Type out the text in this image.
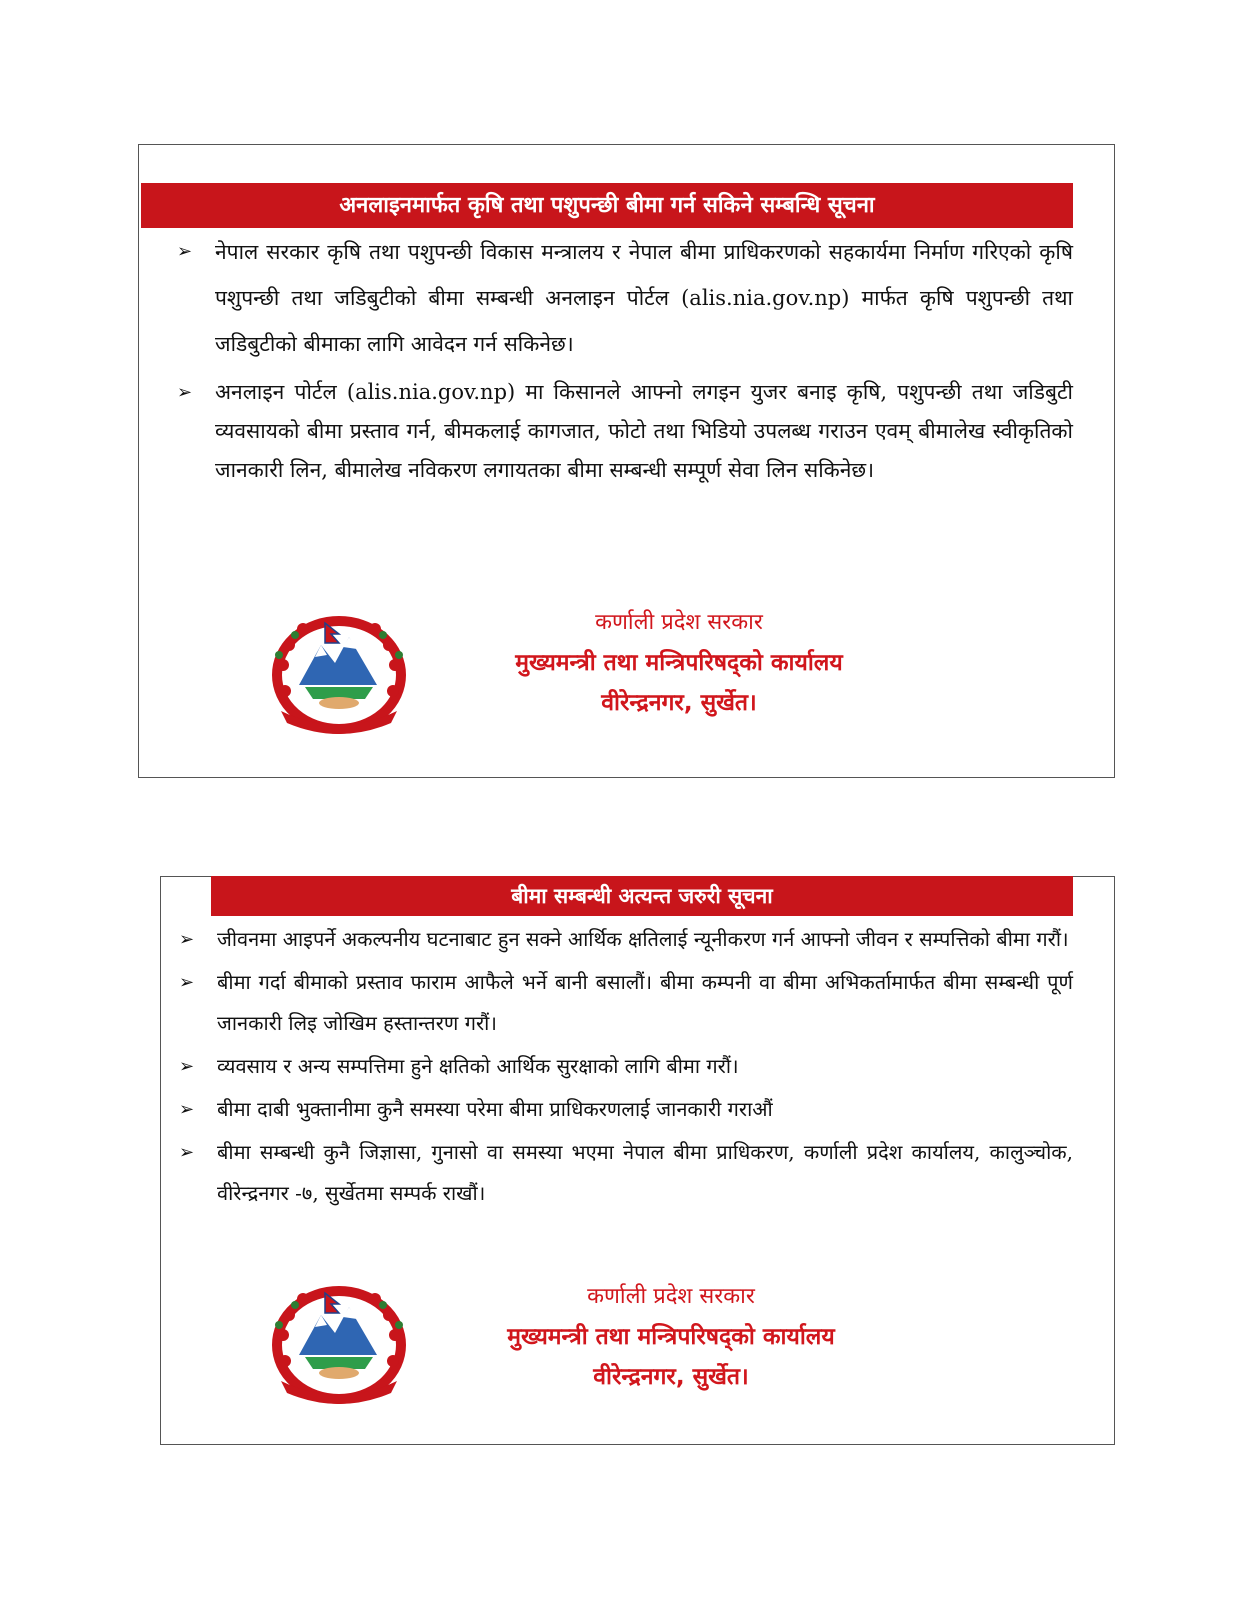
अनलाइनमार्फत कृषि तथा पशुपन्छी बीमा गर्न सकिने सम्बन्धि सूचना
➢ नेपाल सरकार कृषि तथा पशुपन्छी विकास मन्त्रालय र नेपाल बीमा प्राधिकरणको सहकार्यमा निर्माण गरिएको कृषि पशुपन्छी तथा जडिबुटीको बीमा सम्बन्धी अनलाइन पोर्टल (alis.nia.gov.np) मार्फत कृषि पशुपन्छी तथा जडिबुटीको बीमाका लागि आवेदन गर्न सकिनेछ।
➢ अनलाइन पोर्टल (alis.nia.gov.np) मा किसानले आफ्नो लगइन युजर बनाइ कृषि, पशुपन्छी तथा जडिबुटी व्यवसायको बीमा प्रस्ताव गर्न, बीमकलाई कागजात, फोटो तथा भिडियो उपलब्ध गराउन एवम् बीमालेख स्वीकृतिको जानकारी लिन, बीमालेख नविकरण लगायतका बीमा सम्बन्धी सम्पूर्ण सेवा लिन सकिनेछ।
कर्णाली प्रदेश सरकार
मुख्यमन्त्री तथा मन्त्रिपरिषद्को कार्यालय
वीरेन्द्रनगर, सुर्खेत।
बीमा सम्बन्धी अत्यन्त जरुरी सूचना
➢ जीवनमा आइपर्ने अकल्पनीय घटनाबाट हुन सक्ने आर्थिक क्षतिलाई न्यूनीकरण गर्न आफ्नो जीवन र सम्पत्तिको बीमा गरौं।
➢ बीमा गर्दा बीमाको प्रस्ताव फाराम आफैले भर्ने बानी बसालौं। बीमा कम्पनी वा बीमा अभिकर्तामार्फत बीमा सम्बन्धी पूर्ण जानकारी लिइ जोखिम हस्तान्तरण गरौं।
➢ व्यवसाय र अन्य सम्पत्तिमा हुने क्षतिको आर्थिक सुरक्षाको लागि बीमा गरौं।
➢ बीमा दाबी भुक्तानीमा कुनै समस्या परेमा बीमा प्राधिकरणलाई जानकारी गराऔं
➢ बीमा सम्बन्धी कुनै जिज्ञासा, गुनासो वा समस्या भएमा नेपाल बीमा प्राधिकरण, कर्णाली प्रदेश कार्यालय, कालुञ्चोक, वीरेन्द्रनगर -७, सुर्खेतमा सम्पर्क राखौं।
कर्णाली प्रदेश सरकार
मुख्यमन्त्री तथा मन्त्रिपरिषद्को कार्यालय
वीरेन्द्रनगर, सुर्खेत।
